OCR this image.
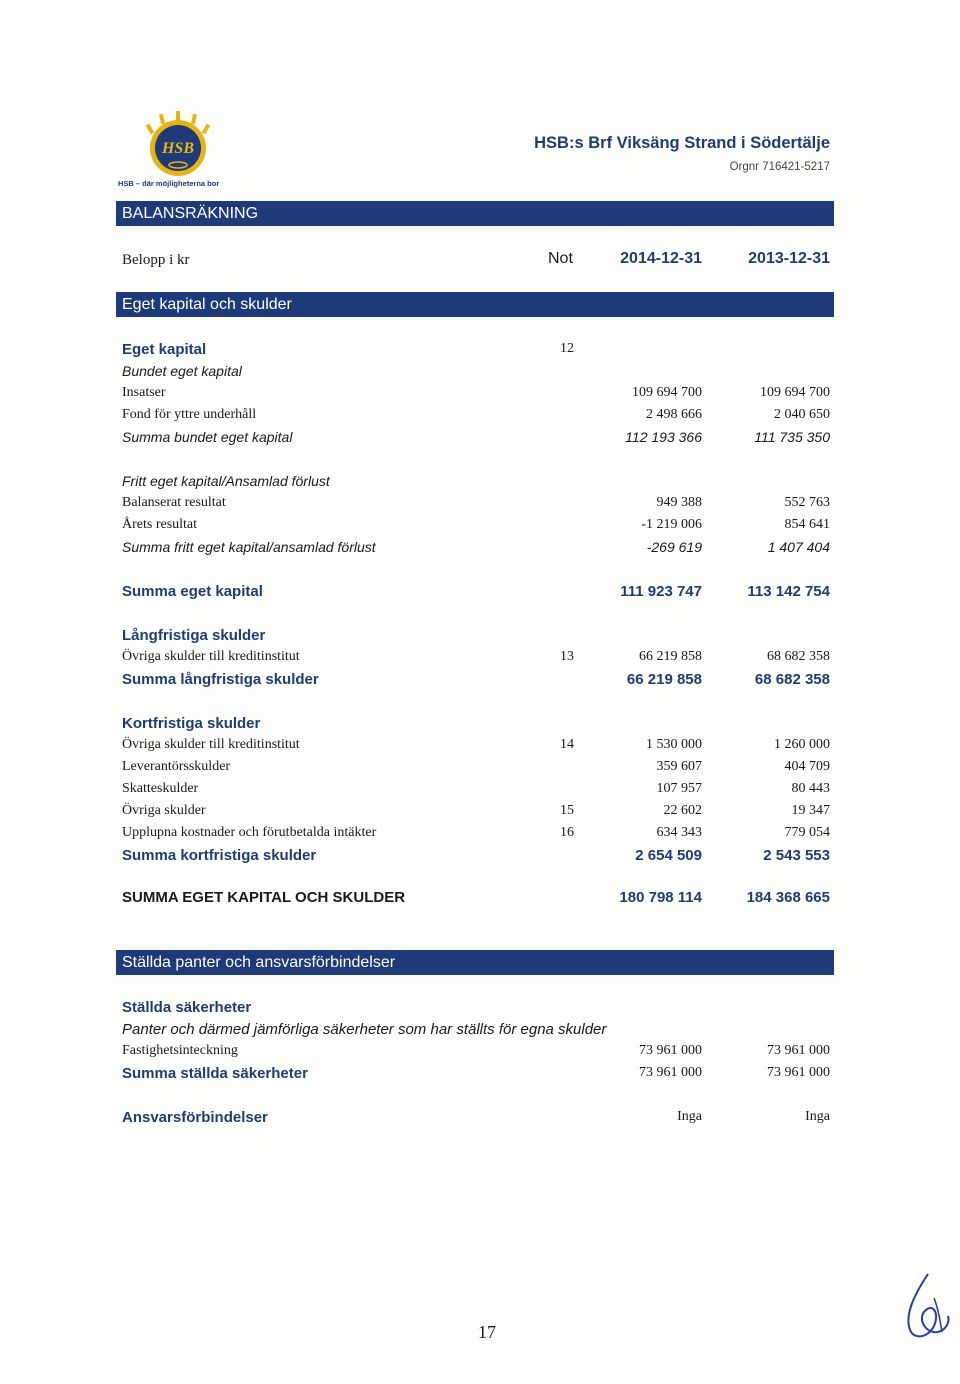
HSB
HSB – där möjligheterna bor
HSB:s Brf Viksäng Strand i Södertälje
Orgnr 716421-5217
BALANSRÄKNING
Belopp i kr	Not	2014-12-31	2013-12-31
Eget kapital och skulder
Eget kapital	12
Bundet eget kapital
Insatser	109 694 700	109 694 700
Fond för yttre underhåll	2 498 666	2 040 650
Summa bundet eget kapital	112 193 366	111 735 350
Fritt eget kapital/Ansamlad förlust
Balanserat resultat	949 388	552 763
Årets resultat	-1 219 006	854 641
Summa fritt eget kapital/ansamlad förlust	-269 619	1 407 404
Summa eget kapital	111 923 747	113 142 754
Långfristiga skulder
Övriga skulder till kreditinstitut	13	66 219 858	68 682 358
Summa långfristiga skulder	66 219 858	68 682 358
Kortfristiga skulder
Övriga skulder till kreditinstitut	14	1 530 000	1 260 000
Leverantörsskulder	359 607	404 709
Skatteskulder	107 957	80 443
Övriga skulder	15	22 602	19 347
Upplupna kostnader och förutbetalda intäkter	16	634 343	779 054
Summa kortfristiga skulder	2 654 509	2 543 553
SUMMA EGET KAPITAL OCH SKULDER	180 798 114	184 368 665
Ställda panter och ansvarsförbindelser
Ställda säkerheter
Panter och därmed jämförliga säkerheter som har ställts för egna skulder
Fastighetsinteckning	73 961 000	73 961 000
Summa ställda säkerheter	73 961 000	73 961 000
Ansvarsförbindelser	Inga	Inga
17
